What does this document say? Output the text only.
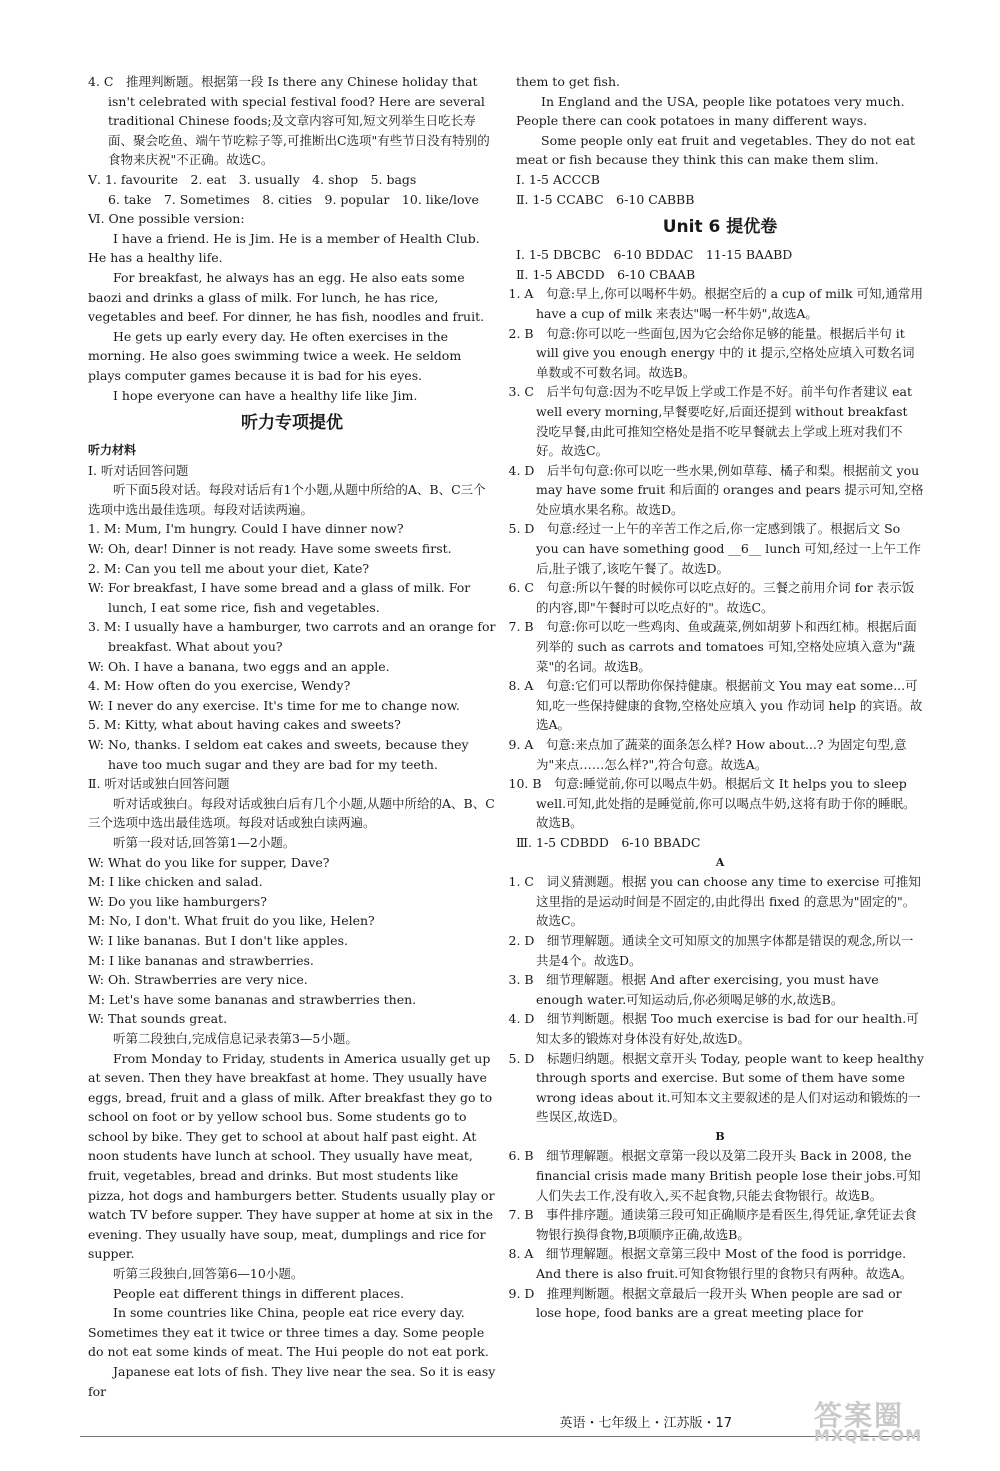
4. C　推理判断题。根据第一段 Is there any Chinese holiday that isn't celebrated with special festival food? Here are several traditional Chinese foods;及文章内容可知,短文列举生日吃长寿面、聚会吃鱼、端午节吃粽子等,可推断出C选项"有些节日没有特别的食物来庆祝"不正确。故选C。

Ⅴ. 1. favourite　2. eat　3. usually　4. shop　5. bags

6. take　7. Sometimes　8. cities　9. popular　10. like/love

Ⅵ. One possible version:

I have a friend. He is Jim. He is a member of Health Club. He has a healthy life.

For breakfast, he always has an egg. He also eats some baozi and drinks a glass of milk. For lunch, he has rice, vegetables and beef. For dinner, he has fish, noodles and fruit.

He gets up early every day. He often exercises in the morning. He also goes swimming twice a week. He seldom plays computer games because it is bad for his eyes.

I hope everyone can have a healthy life like Jim.

听力专项提优

听力材料

Ⅰ. 听对话回答问题

听下面5段对话。每段对话后有1个小题,从题中所给的A、B、C三个选项中选出最佳选项。每段对话读两遍。

1. M: Mum, I'm hungry. Could I have dinner now?

W: Oh, dear! Dinner is not ready. Have some sweets first.

2. M: Can you tell me about your diet, Kate?

W: For breakfast, I have some bread and a glass of milk. For lunch, I eat some rice, fish and vegetables.

3. M: I usually have a hamburger, two carrots and an orange for breakfast. What about you?

W: Oh. I have a banana, two eggs and an apple.

4. M: How often do you exercise, Wendy?

W: I never do any exercise. It's time for me to change now.

5. M: Kitty, what about having cakes and sweets?

W: No, thanks. I seldom eat cakes and sweets, because they have too much sugar and they are bad for my teeth.

Ⅱ. 听对话或独白回答问题

听对话或独白。每段对话或独白后有几个小题,从题中所给的A、B、C三个选项中选出最佳选项。每段对话或独白读两遍。

听第一段对话,回答第1—2小题。

W: What do you like for supper, Dave?

M: I like chicken and salad.

W: Do you like hamburgers?

M: No, I don't. What fruit do you like, Helen?

W: I like bananas. But I don't like apples.

M: I like bananas and strawberries.

W: Oh. Strawberries are very nice.

M: Let's have some bananas and strawberries then.

W: That sounds great.

听第二段独白,完成信息记录表第3—5小题。

From Monday to Friday, students in America usually get up at seven. Then they have breakfast at home. They usually have eggs, bread, fruit and a glass of milk. After breakfast they go to school on foot or by yellow school bus. Some students go to school by bike. They get to school at about half past eight. At noon students have lunch at school. They usually have meat, fruit, vegetables, bread and drinks. But most students like pizza, hot dogs and hamburgers better. Students usually play or watch TV before supper. They have supper at home at six in the evening. They usually have soup, meat, dumplings and rice for supper.

听第三段独白,回答第6—10小题。

People eat different things in different places.

In some countries like China, people eat rice every day. Sometimes they eat it twice or three times a day. Some people do not eat some kinds of meat. The Hui people do not eat pork.

Japanese eat lots of fish. They live near the sea. So it is easy for

them to get fish.

In England and the USA, people like potatoes very much. People there can cook potatoes in many different ways.

Some people only eat fruit and vegetables. They do not eat meat or fish because they think this can make them slim.

Ⅰ. 1-5 ACCCB

Ⅱ. 1-5 CCABC　6-10 CABBB

Unit 6 提优卷

Ⅰ. 1-5 DBCBC　6-10 BDDAC　11-15 BAABD

Ⅱ. 1-5 ABCDD　6-10 CBAAB

1. A　句意:早上,你可以喝杯牛奶。根据空后的 a cup of milk 可知,通常用 have a cup of milk 来表达"喝一杯牛奶",故选A。

2. B　句意:你可以吃一些面包,因为它会给你足够的能量。根据后半句 it will give you enough energy 中的 it 提示,空格处应填入可数名词单数或不可数名词。故选B。

3. C　后半句句意:因为不吃早饭上学或工作是不好。前半句作者建议 eat well every morning,早餐要吃好,后面还提到 without breakfast 没吃早餐,由此可推知空格处是指不吃早餐就去上学或上班对我们不好。故选C。

4. D　后半句句意:你可以吃一些水果,例如草莓、橘子和梨。根据前文 you may have some fruit 和后面的 oranges and pears 提示可知,空格处应填水果名称。故选D。

5. D　句意:经过一上午的辛苦工作之后,你一定感到饿了。根据后文 So you can have something good __6__ lunch 可知,经过一上午工作后,肚子饿了,该吃午餐了。故选D。

6. C　句意:所以午餐的时候你可以吃点好的。三餐之前用介词 for 表示饭的内容,即"午餐时可以吃点好的"。故选C。

7. B　句意:你可以吃一些鸡肉、鱼或蔬菜,例如胡萝卜和西红柿。根据后面列举的 such as carrots and tomatoes 可知,空格处应填入意为"蔬菜"的名词。故选B。

8. A　句意:它们可以帮助你保持健康。根据前文 You may eat some...可知,吃一些保持健康的食物,空格处应填入 you 作动词 help 的宾语。故选A。

9. A　句意:来点加了蔬菜的面条怎么样? How about...? 为固定句型,意为"来点……怎么样?",符合句意。故选A。

10. B　句意:睡觉前,你可以喝点牛奶。根据后文 It helps you to sleep well.可知,此处指的是睡觉前,你可以喝点牛奶,这将有助于你的睡眠。故选B。

Ⅲ. 1-5 CDBDD　6-10 BBADC

A

1. C　词义猜测题。根据 you can choose any time to exercise 可推知这里指的是运动时间是不固定的,由此得出 fixed 的意思为"固定的"。故选C。

2. D　细节理解题。通读全文可知原文的加黑字体都是错误的观念,所以一共是4个。故选D。

3. B　细节理解题。根据 And after exercising, you must have enough water.可知运动后,你必须喝足够的水,故选B。

4. D　细节判断题。根据 Too much exercise is bad for our health.可知太多的锻炼对身体没有好处,故选D。

5. D　标题归纳题。根据文章开头 Today, people want to keep healthy through sports and exercise. But some of them have some wrong ideas about it.可知本文主要叙述的是人们对运动和锻炼的一些误区,故选D。

B

6. B　细节理解题。根据文章第一段以及第二段开头 Back in 2008, the financial crisis made many British people lose their jobs.可知人们失去工作,没有收入,买不起食物,只能去食物银行。故选B。

7. B　事件排序题。通读第三段可知正确顺序是看医生,得凭证,拿凭证去食物银行换得食物,B项顺序正确,故选B。

8. A　细节理解题。根据文章第三段中 Most of the food is porridge. And there is also fruit.可知食物银行里的食物只有两种。故选A。

9. D　推理判断题。根据文章最后一段开头 When people are sad or lose hope, food banks are a great meeting place for

英语・七年级上・江苏版・17	答案圈
MXQE.COM
